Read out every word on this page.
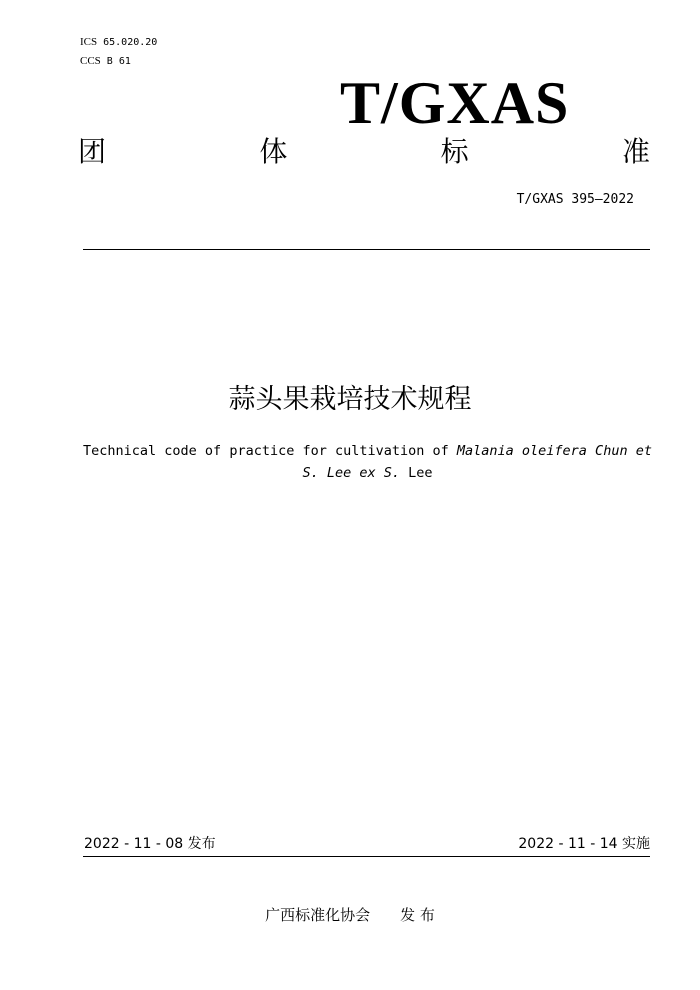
ICS 65.020.20
CCS B 61
T/GXAS
团	体	标	准
T/GXAS 395—2022
蒜头果栽培技术规程
Technical code of practice for cultivation of Malania oleifera Chun et S. Lee ex S. Lee
2022 - 11 - 08 发布	2022 - 11 - 14 实施
广西标准化协会 发 布
